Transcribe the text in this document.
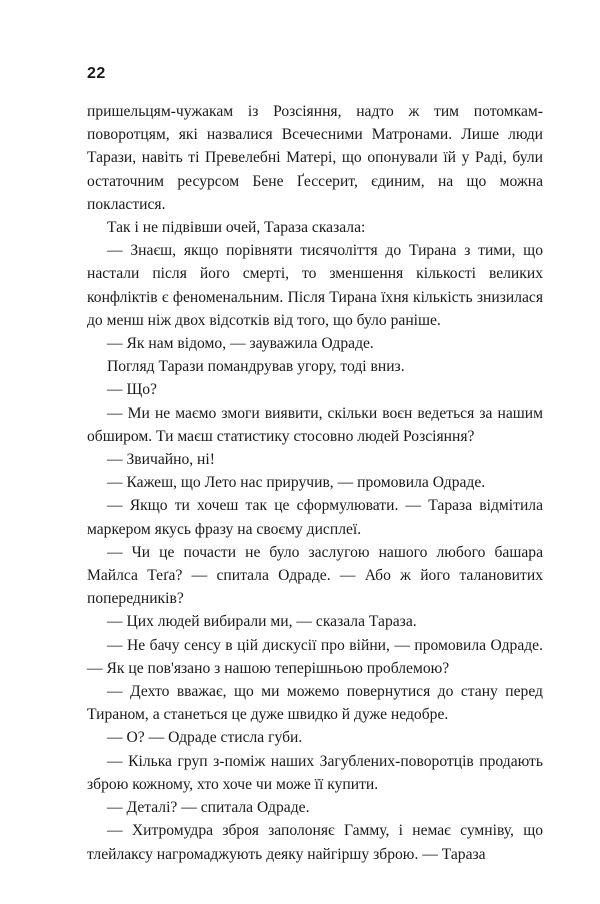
22

пришельцям-чужакам із Розсіяння, надто ж тим потомкам-поворотцям, які назвалися Всечесними Матронами. Лише люди Тарази, навіть ті Превелебні Матері, що опонували їй у Раді, були остаточним ресурсом Бене Ґессерит, єдиним, на що можна покластися.

Так і не підвівши очей, Тараза сказала:

— Знаєш, якщо порівняти тисячоліття до Тирана з тими, що настали після його смерті, то зменшення кількості великих конфліктів є феноменальним. Після Тирана їхня кількість знизилася до менш ніж двох відсотків від того, що було раніше.

— Як нам відомо, — зауважила Одраде.

Погляд Тарази помандрував угору, тоді вниз.

— Що?

— Ми не маємо змоги виявити, скільки воєн ведеться за нашим обширом. Ти маєш статистику стосовно людей Розсіяння?

— Звичайно, ні!

— Кажеш, що Лето нас приручив, — промовила Одраде.

— Якщо ти хочеш так це сформулювати. — Тараза відмітила маркером якусь фразу на своєму дисплеї.

— Чи це почасти не було заслугою нашого любого башара Майлса Теґа? — спитала Одраде. — Або ж його талановитих попередників?

— Цих людей вибирали ми, — сказала Тараза.

— Не бачу сенсу в цій дискусії про війни, — промовила Одраде. — Як це пов'язано з нашою теперішньою проблемою?

— Дехто вважає, що ми можемо повернутися до стану перед Тираном, а станеться це дуже швидко й дуже недобре.

— О? — Одраде стисла губи.

— Кілька груп з-поміж наших Загублених-поворотців продають зброю кожному, хто хоче чи може її купити.

— Деталі? — спитала Одраде.

— Хитромудра зброя заполоняє Гамму, і немає сумніву, що тлейлаксу нагромаджують деяку найгіршу зброю. — Тараза
